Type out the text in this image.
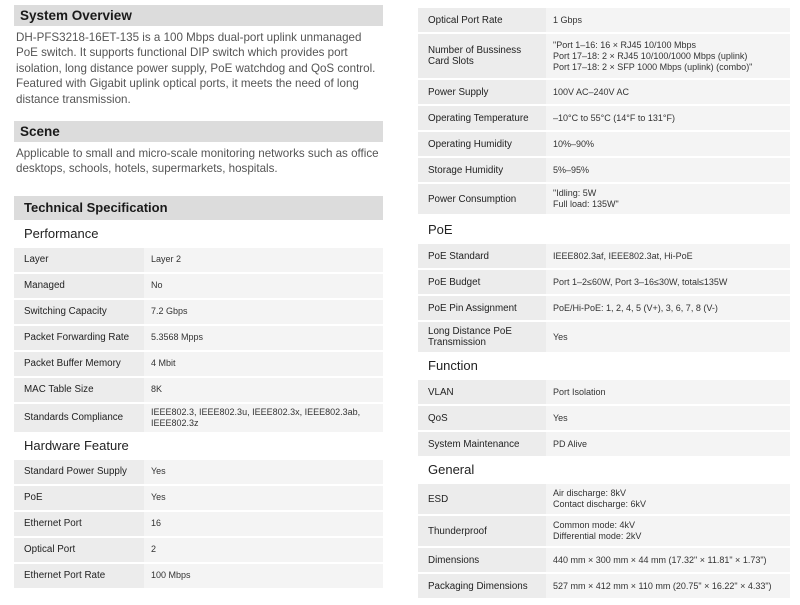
System Overview
DH-PFS3218-16ET-135 is a 100 Mbps dual-port uplink unmanaged PoE switch. It supports functional DIP switch which provides port isolation, long distance power supply, PoE watchdog and QoS control. Featured with Gigabit uplink optical ports, it meets the need of long distance transmission.
Scene
Applicable to small and micro-scale monitoring networks such as office desktops, schools, hotels, supermarkets, hospitals.
Technical Specification
Performance
Layer	Layer 2
Managed	No
Switching Capacity	7.2 Gbps
Packet Forwarding Rate	5.3568 Mpps
Packet Buffer Memory	4 Mbit
MAC Table Size	8K
Standards Compliance	IEEE802.3, IEEE802.3u, IEEE802.3x, IEEE802.3ab, IEEE802.3z
Hardware Feature
Standard Power Supply	Yes
PoE	Yes
Ethernet Port	16
Optical Port	2
Ethernet Port Rate	100 Mbps
Optical Port Rate	1 Gbps
Number of Bussiness Card Slots	"Port 1–16: 16 × RJ45 10/100 Mbps
Port 17–18: 2 × RJ45 10/100/1000 Mbps (uplink)
Port 17–18: 2 × SFP 1000 Mbps (uplink) (combo)"
Power Supply	100V AC–240V AC
Operating Temperature	–10°C to 55°C (14°F to 131°F)
Operating Humidity	10%–90%
Storage Humidity	5%–95%
Power Consumption	"Idling: 5W
Full load: 135W"
PoE
PoE Standard	IEEE802.3af, IEEE802.3at, Hi-PoE
PoE Budget	Port 1–2≤60W, Port 3–16≤30W, total≤135W
PoE Pin Assignment	PoE/Hi-PoE: 1, 2, 4, 5 (V+), 3, 6, 7, 8 (V-)
Long Distance PoE Transmission	Yes
Function
VLAN	Port Isolation
QoS	Yes
System Maintenance	PD Alive
General
ESD	Air discharge: 8kV
Contact discharge: 6kV
Thunderproof	Common mode: 4kV
Differential mode: 2kV
Dimensions	440 mm × 300 mm × 44 mm (17.32" × 11.81" × 1.73")
Packaging Dimensions	527 mm × 412 mm × 110 mm (20.75" × 16.22" × 4.33")
